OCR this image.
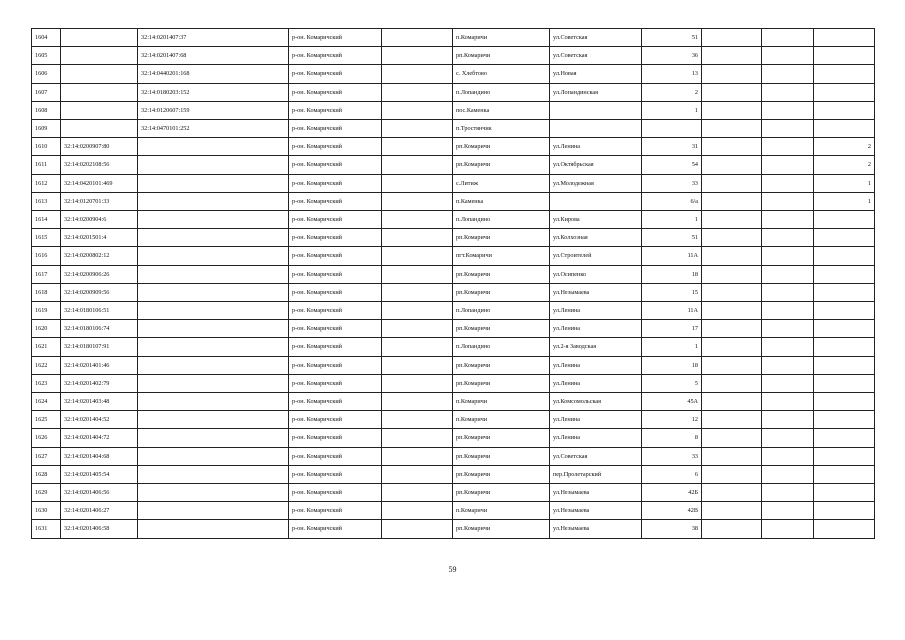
1604		32:14:0201407:37	р-он. Комаричский		п.Комаричи	ул.Советская	51			
1605		32:14:0201407:68	р-он. Комаричский		рп.Комаричи	ул.Советская	36			
1606		32:14:0440201:168	р-он. Комаричский		с. Хлебтово	ул.Новая	13			
1607		32:14:0180203:152	р-он. Комаричский		п.Лопандино	ул.Лопандинская	2			
1608		32:14:0120607:159	р-он. Комаричский		пос.Каменка		1			
1609		32:14:0470101:252	р-он. Комаричский		п.Тростянчик					
1610	32:14:0200907:80		р-он. Комаричский		рп.Комаричи	ул.Ленина	31			2
1611	32:14:0202108:56		р-он. Комаричский		рп.Комаричи	ул.Октябрьская	54			2
1612	32:14:0420101:469		р-он. Комаричский		с.Литиж	ул.Молодежная	33			1
1613	32:14:0120701:33		р-он. Комаричский		п.Каменка		6/а			1
1614	32:14:0200904:6		р-он. Комаричский		п.Лопандино	ул.Кирова	1			
1615	32:14:0201501:4		р-он. Комаричский		рп.Комаричи	ул.Колхозная	51			
1616	32:14:0200802:12		р-он. Комаричский		пгт.Комаричи	ул.Строителей	11А			
1617	32:14:0200906:26		р-он. Комаричский		рп.Комаричи	ул.Осипенко	18			
1618	32:14:0200909:56		р-он. Комаричский		рп.Комаричи	ул.Незымаева	15			
1619	32:14:0180106:51		р-он. Комаричский		п.Лопандино	ул.Ленина	11А			
1620	32:14:0180106:74		р-он. Комаричский		рп.Комаричи	ул.Ленина	17			
1621	32:14:0180107:91		р-он. Комаричский		п.Лопандино	ул.2-я Заводская	1			
1622	32:14:0201401:46		р-он. Комаричский		рп.Комаричи	ул.Ленина	18			
1623	32:14:0201402:79		р-он. Комаричский		рп.Комаричи	ул.Ленина	5			
1624	32:14:0201403:48		р-он. Комаричский		п.Комаричи	ул.Комсомольская	45А			
1625	32:14:0201404:52		р-он. Комаричский		п.Комаричи	ул.Ленина	12			
1626	32:14:0201404:72		р-он. Комаричский		рп.Комаричи	ул.Ленина	8			
1627	32:14:0201404:68		р-он. Комаричский		рп.Комаричи	ул.Советская	33			
1628	32:14:0201405:54		р-он. Комаричский		рп.Комаричи	пер.Пролетарский	6			
1629	32:14:0201406:56		р-он. Комаричский		рп.Комаричи	ул.Незымаева	42Б			
1630	32:14:0201406:27		р-он. Комаричский		п.Комаричи	ул.Незымаева	42В			
1631	32:14:0201406:58		р-он. Комаричский		рп.Комаричи	ул.Незымаева	38			
59
